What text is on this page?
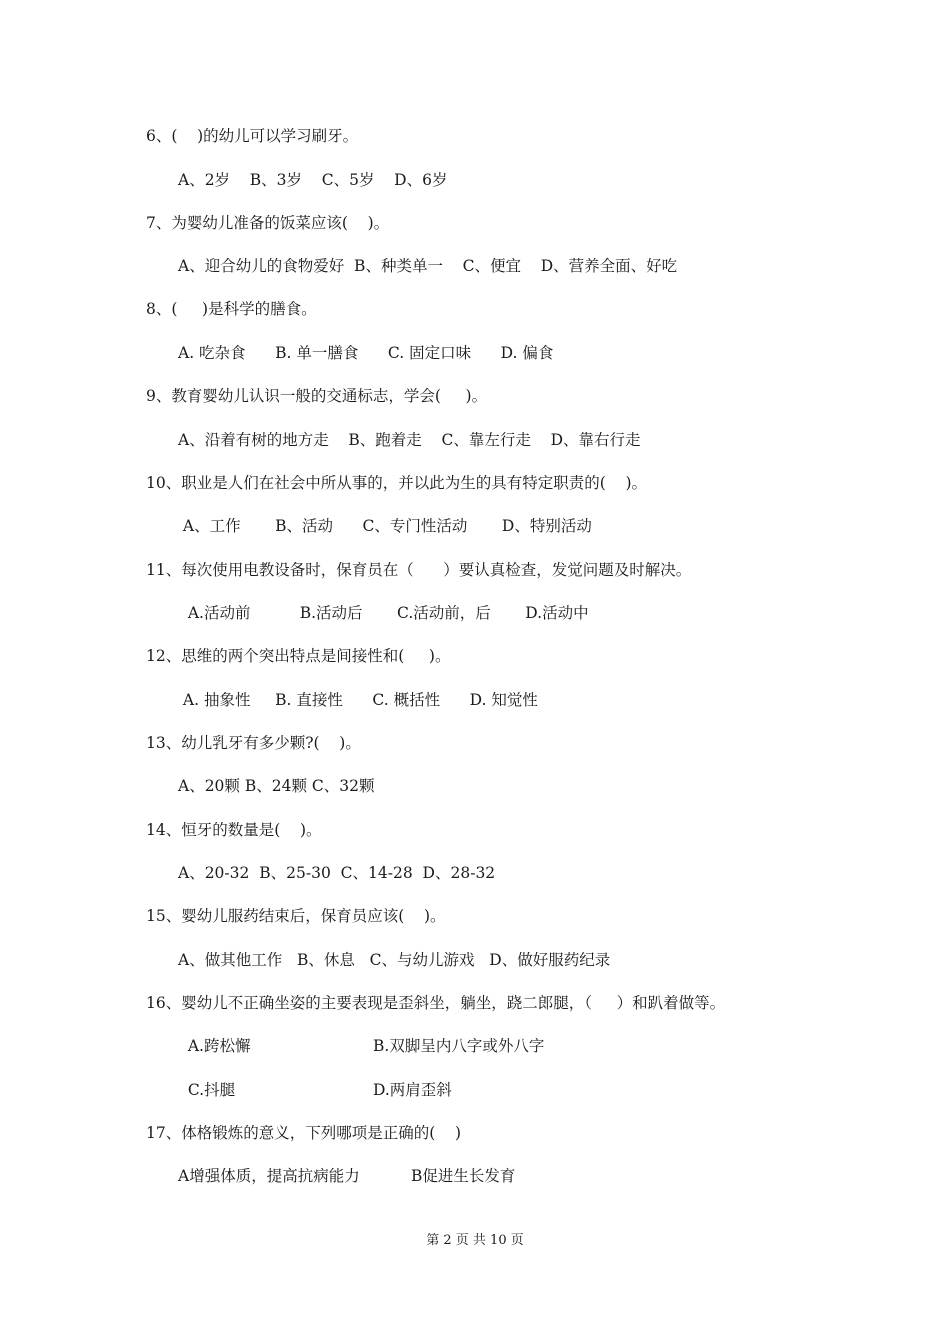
6、(    )的幼儿可以学习刷牙。
A、2岁    B、3岁    C、5岁    D、6岁
7、为婴幼儿准备的饭菜应该(    )。
A、迎合幼儿的食物爱好  B、种类单一    C、便宜    D、营养全面、好吃
8、(     )是科学的膳食。
A. 吃杂食      B. 单一膳食      C. 固定口味      D. 偏食
9、教育婴幼儿认识一般的交通标志，学会(     )。
A、沿着有树的地方走    B、跑着走    C、靠左行走    D、靠右行走
10、职业是人们在社会中所从事的，并以此为生的具有特定职责的(    )。
A、工作       B、活动      C、专门性活动       D、特别活动
11、每次使用电教设备时，保育员在（      ）要认真检查，发觉问题及时解决。
A.活动前          B.活动后       C.活动前，后       D.活动中
12、思维的两个突出特点是间接性和(     )。
A. 抽象性     B. 直接性      C. 概括性      D. 知觉性
13、幼儿乳牙有多少颗?(    )。
A、20颗 B、24颗 C、32颗
14、恒牙的数量是(    )。
A、20-32  B、25-30  C、14-28  D、28-32
15、婴幼儿服药结束后，保育员应该(    )。
A、做其他工作   B、休息   C、与幼儿游戏   D、做好服药纪录
16、婴幼儿不正确坐姿的主要表现是歪斜坐，躺坐，跷二郎腿，（     ）和趴着做等。
A.跨松懈	B.双脚呈内八字或外八字
C.抖腿	D.两肩歪斜
17、体格锻炼的意义，下列哪项是正确的(    )
A增强体质，提高抗病能力	B促进生长发育
第 2 页 共 10 页
